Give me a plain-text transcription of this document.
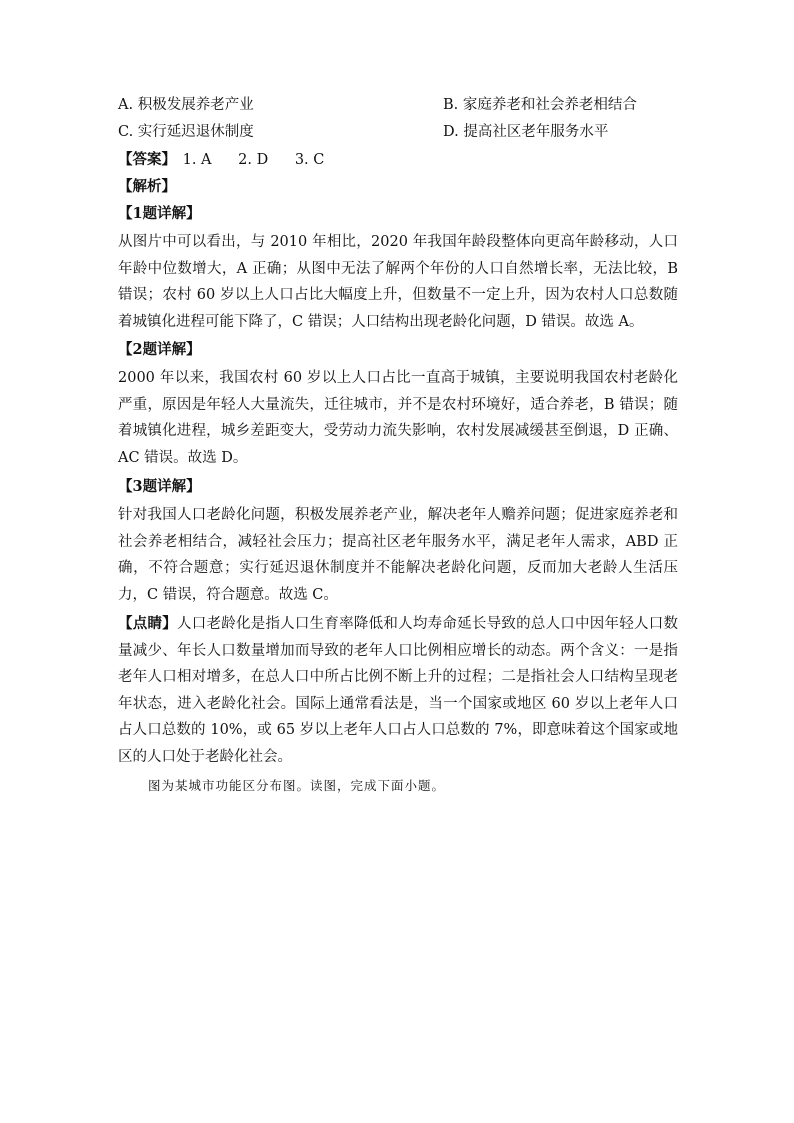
A. 积极发展养老产业	B. 家庭养老和社会养老相结合
C. 实行延迟退休制度	D. 提高社区老年服务水平
【答案】 1. A 2. D 3. C
【解析】
【1题详解】
从图片中可以看出，与 2010 年相比，2020 年我国年龄段整体向更高年龄移动，人口年龄中位数增大，A 正确；从图中无法了解两个年份的人口自然增长率，无法比较，B 错误；农村 60 岁以上人口占比大幅度上升，但数量不一定上升，因为农村人口总数随着城镇化进程可能下降了，C 错误；人口结构出现老龄化问题，D 错误。故选 A。
【2题详解】
2000 年以来，我国农村 60 岁以上人口占比一直高于城镇，主要说明我国农村老龄化严重，原因是年轻人大量流失，迁往城市，并不是农村环境好，适合养老，B 错误；随着城镇化进程，城乡差距变大，受劳动力流失影响，农村发展减缓甚至倒退，D 正确、AC 错误。故选 D。
【3题详解】
针对我国人口老龄化问题，积极发展养老产业，解决老年人赡养问题；促进家庭养老和社会养老相结合，减轻社会压力；提高社区老年服务水平，满足老年人需求，ABD 正确，不符合题意；实行延迟退休制度并不能解决老龄化问题，反而加大老龄人生活压力，C 错误，符合题意。故选 C。
【点睛】人口老龄化是指人口生育率降低和人均寿命延长导致的总人口中因年轻人口数量减少、年长人口数量增加而导致的老年人口比例相应增长的动态。两个含义：一是指老年人口相对增多，在总人口中所占比例不断上升的过程；二是指社会人口结构呈现老年状态，进入老龄化社会。国际上通常看法是，当一个国家或地区 60 岁以上老年人口占人口总数的 10%，或 65 岁以上老年人口占人口总数的 7%，即意味着这个国家或地区的人口处于老龄化社会。
图为某城市功能区分布图。读图，完成下面小题。
